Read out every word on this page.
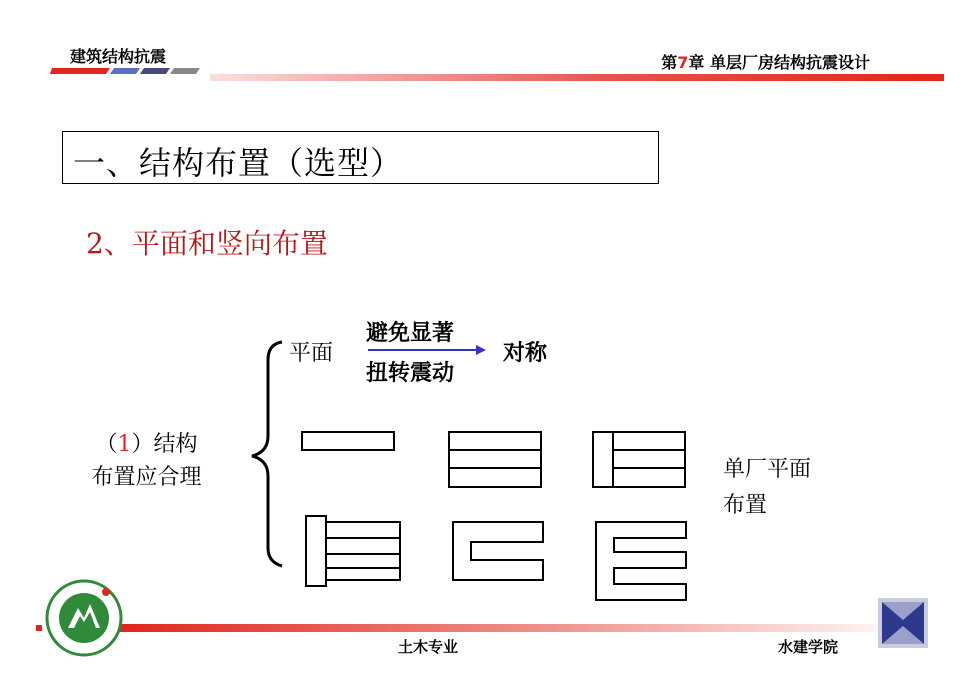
建筑结构抗震	第7章 单层厂房结构抗震设计
一、结构布置（选型）
2、平面和竖向布置
平面
避免显著
扭转震动
对称
（1）结构
布置应合理	单厂平面
布置
土木专业	水建学院
